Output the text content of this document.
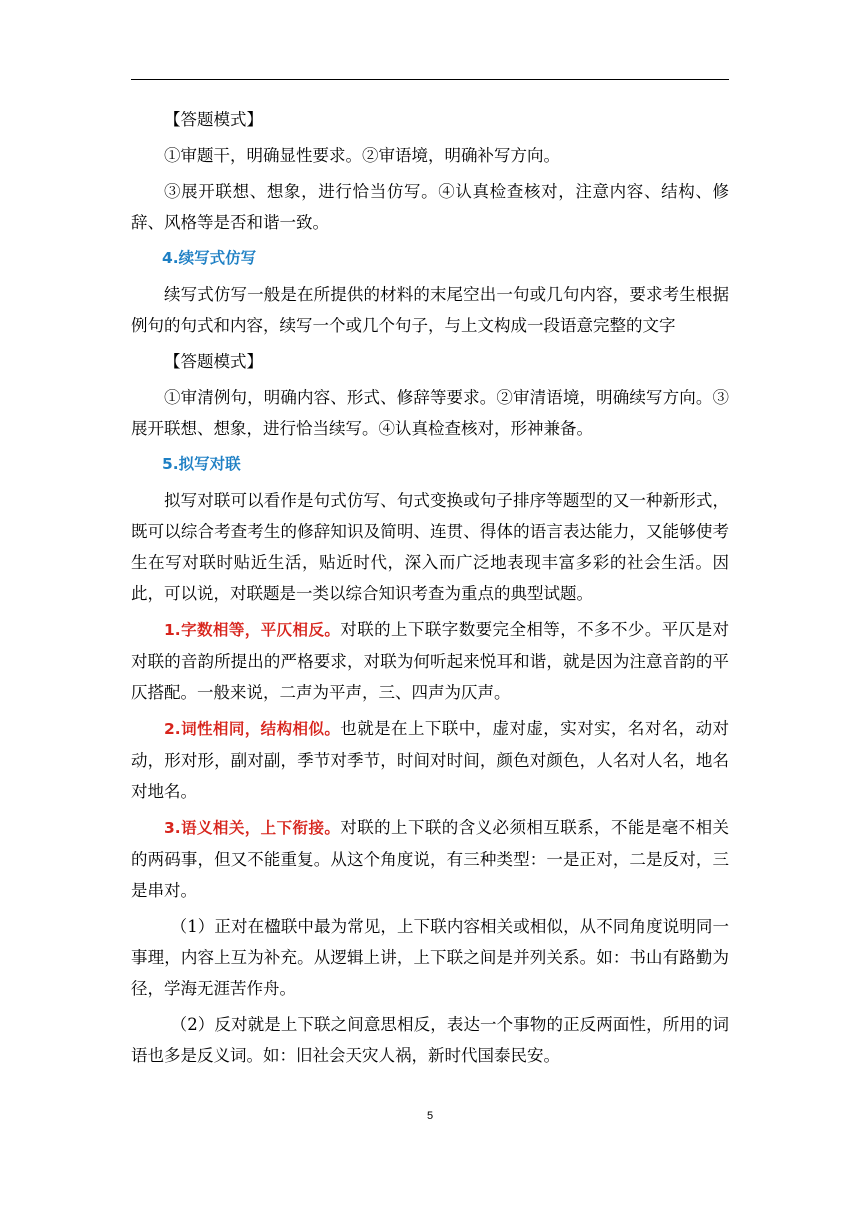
【答题模式】

①审题干，明确显性要求。②审语境，明确补写方向。

③展开联想、想象，进行恰当仿写。④认真检查核对，注意内容、结构、修辞、风格等是否和谐一致。

4.续写式仿写

续写式仿写一般是在所提供的材料的末尾空出一句或几句内容，要求考生根据例句的句式和内容，续写一个或几个句子，与上文构成一段语意完整的文字

【答题模式】

①审清例句，明确内容、形式、修辞等要求。②审清语境，明确续写方向。③展开联想、想象，进行恰当续写。④认真检查核对，形神兼备。

5.拟写对联

拟写对联可以看作是句式仿写、句式变换或句子排序等题型的又一种新形式，既可以综合考查考生的修辞知识及简明、连贯、得体的语言表达能力，又能够使考生在写对联时贴近生活，贴近时代，深入而广泛地表现丰富多彩的社会生活。因此，可以说，对联题是一类以综合知识考查为重点的典型试题。

1.字数相等，平仄相反。对联的上下联字数要完全相等，不多不少。平仄是对对联的音韵所提出的严格要求，对联为何听起来悦耳和谐，就是因为注意音韵的平仄搭配。一般来说，二声为平声，三、四声为仄声。

2.词性相同，结构相似。也就是在上下联中，虚对虚，实对实，名对名，动对动，形对形，副对副，季节对季节，时间对时间，颜色对颜色，人名对人名，地名对地名。

3.语义相关，上下衔接。对联的上下联的含义必须相互联系，不能是毫不相关的两码事，但又不能重复。从这个角度说，有三种类型：一是正对，二是反对，三是串对。

（1）正对在楹联中最为常见，上下联内容相关或相似，从不同角度说明同一事理，内容上互为补充。从逻辑上讲，上下联之间是并列关系。如：书山有路勤为径，学海无涯苦作舟。

（2）反对就是上下联之间意思相反，表达一个事物的正反两面性，所用的词语也多是反义词。如：旧社会天灾人祸，新时代国泰民安。

5
